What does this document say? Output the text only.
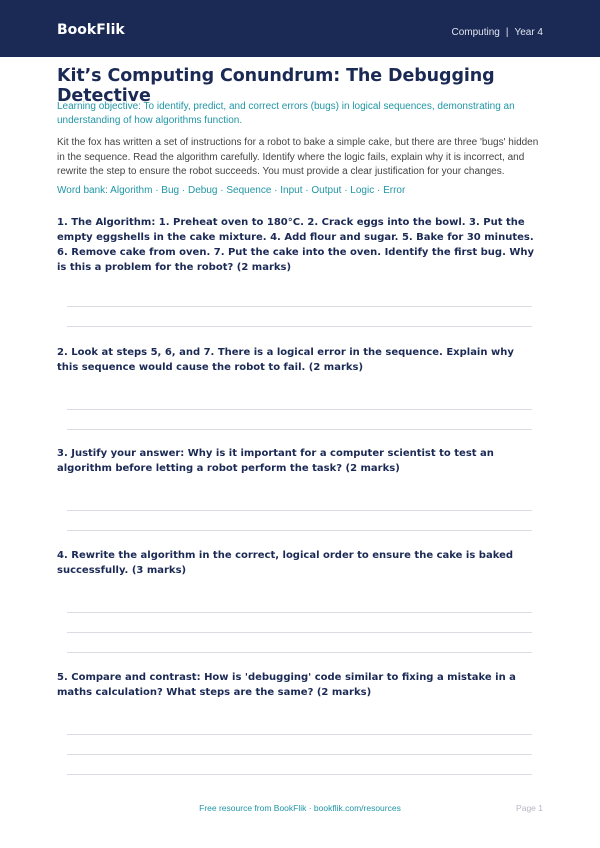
BookFlik	Computing | Year 4
Kit’s Computing Conundrum: The Debugging Detective
Learning objective: To identify, predict, and correct errors (bugs) in logical sequences, demonstrating an understanding of how algorithms function.
Kit the fox has written a set of instructions for a robot to bake a simple cake, but there are three 'bugs' hidden in the sequence. Read the algorithm carefully. Identify where the logic fails, explain why it is incorrect, and rewrite the step to ensure the robot succeeds. You must provide a clear justification for your changes.
Word bank: Algorithm · Bug · Debug · Sequence · Input · Output · Logic · Error
1. The Algorithm: 1. Preheat oven to 180°C. 2. Crack eggs into the bowl. 3. Put the empty eggshells in the cake mixture. 4. Add flour and sugar. 5. Bake for 30 minutes. 6. Remove cake from oven. 7. Put the cake into the oven. Identify the first bug. Why is this a problem for the robot? (2 marks)
2. Look at steps 5, 6, and 7. There is a logical error in the sequence. Explain why this sequence would cause the robot to fail. (2 marks)
3. Justify your answer: Why is it important for a computer scientist to test an algorithm before letting a robot perform the task? (2 marks)
4. Rewrite the algorithm in the correct, logical order to ensure the cake is baked successfully. (3 marks)
5. Compare and contrast: How is 'debugging' code similar to fixing a mistake in a maths calculation? What steps are the same? (2 marks)
Free resource from BookFlik · bookflik.com/resources	Page 1
